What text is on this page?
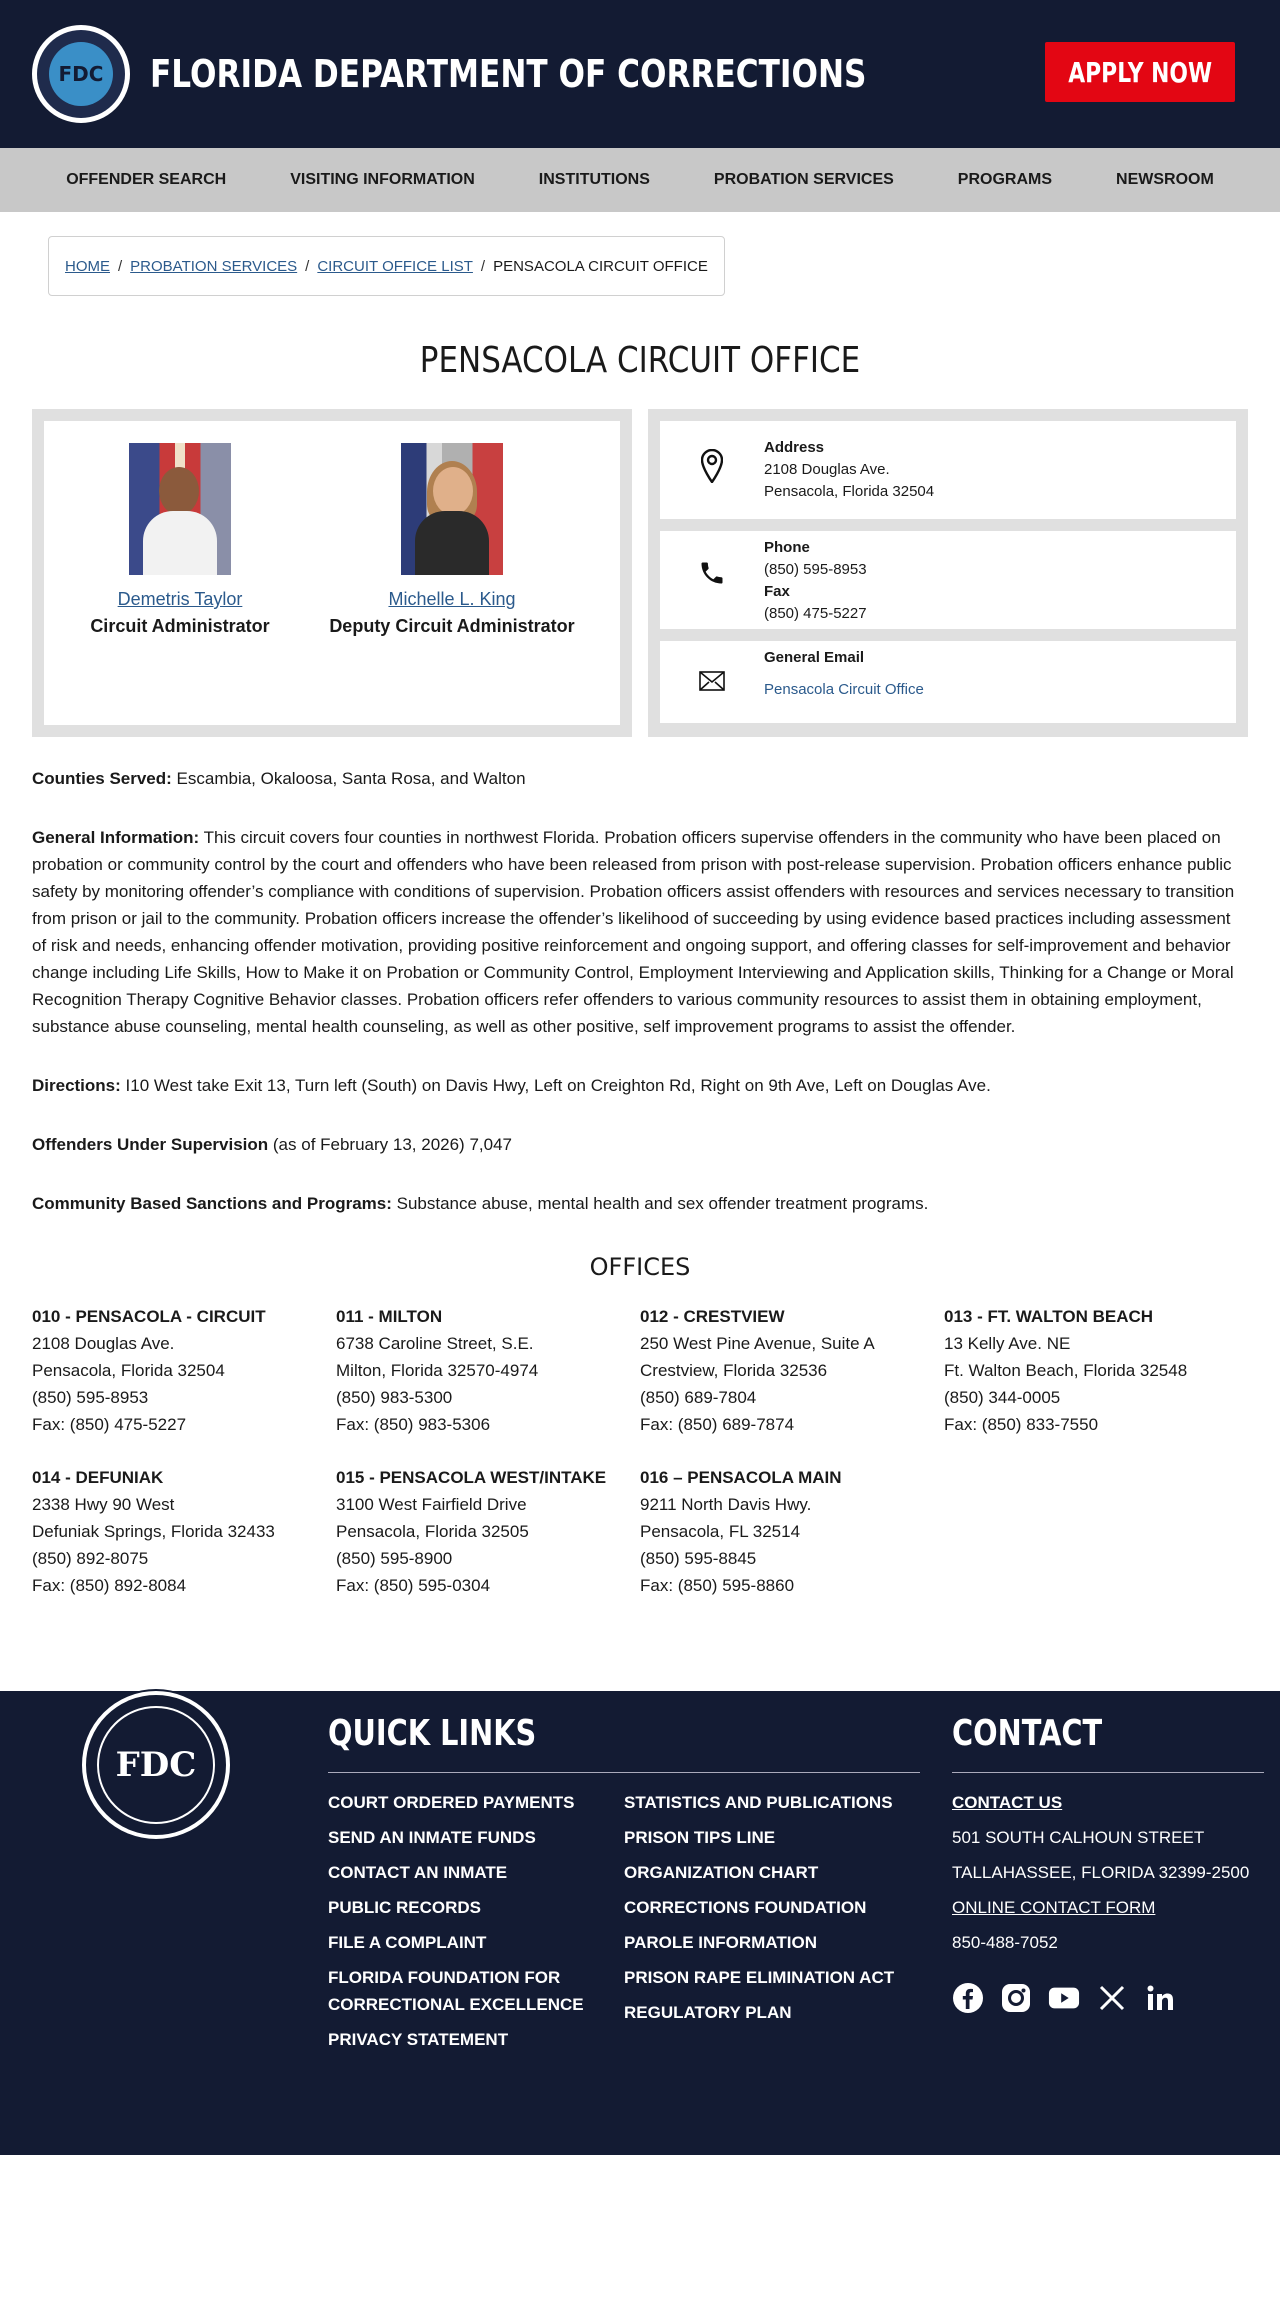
FDC FLORIDA DEPARTMENT OF CORRECTIONS	APPLY NOW
OFFENDER SEARCH	VISITING INFORMATION	INSTITUTIONS	PROBATION SERVICES	PROGRAMS	NEWSROOM
HOME / PROBATION SERVICES / CIRCUIT OFFICE LIST / PENSACOLA CIRCUIT OFFICE
PENSACOLA CIRCUIT OFFICE
Demetris Taylor
Circuit Administrator
Michelle L. King
Deputy Circuit Administrator
Address
2108 Douglas Ave.
Pensacola, Florida 32504
Phone
(850) 595-8953
Fax
(850) 475-5227
General Email
Pensacola Circuit Office

Counties Served: Escambia, Okaloosa, Santa Rosa, and Walton

General Information: This circuit covers four counties in northwest Florida. Probation officers supervise offenders in the community who have been placed on probation or community control by the court and offenders who have been released from prison with post-release supervision. Probation officers enhance public safety by monitoring offender’s compliance with conditions of supervision. Probation officers assist offenders with resources and services necessary to transition from prison or jail to the community. Probation officers increase the offender’s likelihood of succeeding by using evidence based practices including assessment of risk and needs, enhancing offender motivation, providing positive reinforcement and ongoing support, and offering classes for self-improvement and behavior change including Life Skills, How to Make it on Probation or Community Control, Employment Interviewing and Application skills, Thinking for a Change or Moral Recognition Therapy Cognitive Behavior classes. Probation officers refer offenders to various community resources to assist them in obtaining employment, substance abuse counseling, mental health counseling, as well as other positive, self improvement programs to assist the offender.

Directions: I10 West take Exit 13, Turn left (South) on Davis Hwy, Left on Creighton Rd, Right on 9th Ave, Left on Douglas Ave.

Offenders Under Supervision (as of February 13, 2026) 7,047

Community Based Sanctions and Programs: Substance abuse, mental health and sex offender treatment programs.

OFFICES
010 - PENSACOLA - CIRCUIT
2108 Douglas Ave.
Pensacola, Florida 32504
(850) 595-8953
Fax: (850) 475-5227
011 - MILTON
6738 Caroline Street, S.E.
Milton, Florida 32570-4974
(850) 983-5300
Fax: (850) 983-5306
012 - CRESTVIEW
250 West Pine Avenue, Suite A
Crestview, Florida 32536
(850) 689-7804
Fax: (850) 689-7874
013 - FT. WALTON BEACH
13 Kelly Ave. NE
Ft. Walton Beach, Florida 32548
(850) 344-0005
Fax: (850) 833-7550
014 - DEFUNIAK
2338 Hwy 90 West
Defuniak Springs, Florida 32433
(850) 892-8075
Fax: (850) 892-8084
015 - PENSACOLA WEST/INTAKE
3100 West Fairfield Drive
Pensacola, Florida 32505
(850) 595-8900
Fax: (850) 595-0304
016 – PENSACOLA MAIN
9211 North Davis Hwy.
Pensacola, FL 32514
(850) 595-8845
Fax: (850) 595-8860
FDC
QUICK LINKS
COURT ORDERED PAYMENTS
SEND AN INMATE FUNDS
CONTACT AN INMATE
PUBLIC RECORDS
FILE A COMPLAINT
FLORIDA FOUNDATION FOR CORRECTIONAL EXCELLENCE
PRIVACY STATEMENT
STATISTICS AND PUBLICATIONS
PRISON TIPS LINE
ORGANIZATION CHART
CORRECTIONS FOUNDATION
PAROLE INFORMATION
PRISON RAPE ELIMINATION ACT
REGULATORY PLAN
CONTACT
CONTACT US
501 SOUTH CALHOUN STREET
TALLAHASSEE, FLORIDA 32399-2500
ONLINE CONTACT FORM
850-488-7052
